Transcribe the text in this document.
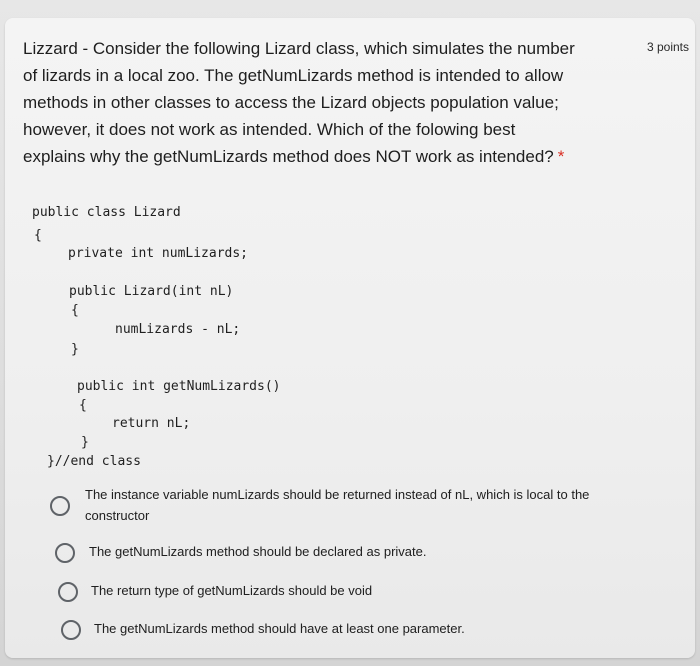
Lizzard - Consider the following Lizard class, which simulates the number
of lizards in a local zoo. The getNumLizards method is intended to allow
methods in other classes to access the Lizard objects population value;
however, it does not work as intended. Which of the folowing best
explains why the getNumLizards method does NOT work as intended? *
3 points
public class Lizard
{
private int numLizards;
public Lizard(int nL)
{
numLizards - nL;
}
public int getNumLizards()
{
return nL;
}
}//end class
The instance variable numLizards should be returned instead of nL, which is local to the constructor
The getNumLizards method should be declared as private.
The return type of getNumLizards should be void
The getNumLizards method should have at least one parameter.
